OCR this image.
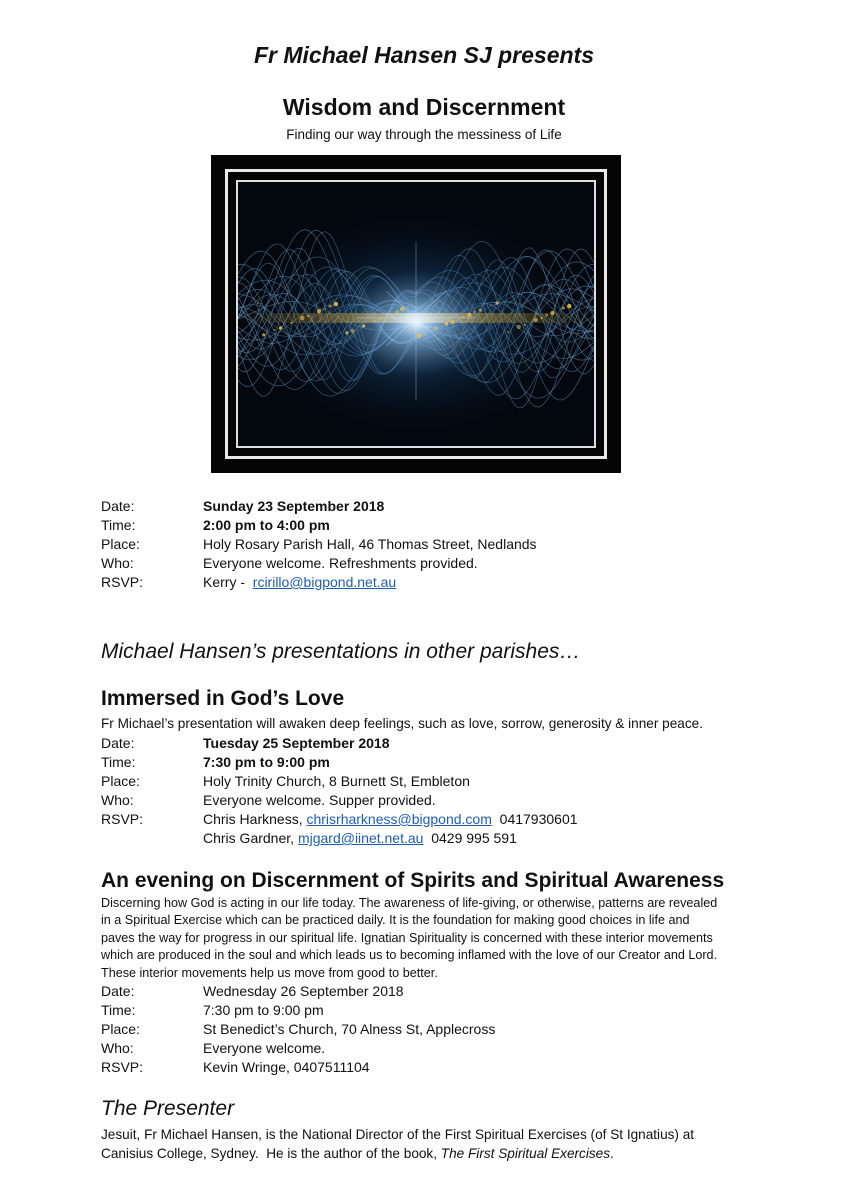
Fr Michael Hansen SJ presents
Wisdom and Discernment
Finding our way through the messiness of Life
Date:	Sunday 23 September 2018
Time:	2:00 pm to 4:00 pm
Place:	Holy Rosary Parish Hall, 46 Thomas Street, Nedlands
Who:	Everyone welcome. Refreshments provided.
RSVP:	Kerry -  rcirillo@bigpond.net.au
Michael Hansen’s presentations in other parishes…
Immersed in God’s Love
Fr Michael’s presentation will awaken deep feelings, such as love, sorrow, generosity & inner peace.
Date:	Tuesday 25 September 2018
Time:	7:30 pm to 9:00 pm
Place:	Holy Trinity Church, 8 Burnett St, Embleton
Who:	Everyone welcome. Supper provided.
RSVP:	Chris Harkness, chrisrharkness@bigpond.com  0417930601
Chris Gardner, mjgard@iinet.net.au  0429 995 591
An evening on Discernment of Spirits and Spiritual Awareness
Discerning how God is acting in our life today. The awareness of life-giving, or otherwise, patterns are revealed
in a Spiritual Exercise which can be practiced daily. It is the foundation for making good choices in life and
paves the way for progress in our spiritual life. Ignatian Spirituality is concerned with these interior movements
which are produced in the soul and which leads us to becoming inflamed with the love of our Creator and Lord.
These interior movements help us move from good to better.
Date:	Wednesday 26 September 2018
Time:	7:30 pm to 9:00 pm
Place:	St Benedict’s Church, 70 Alness St, Applecross
Who:	Everyone welcome.
RSVP:	Kevin Wringe, 0407511104
The Presenter
Jesuit, Fr Michael Hansen, is the National Director of the First Spiritual Exercises (of St Ignatius) at
Canisius College, Sydney.  He is the author of the book, The First Spiritual Exercises.
